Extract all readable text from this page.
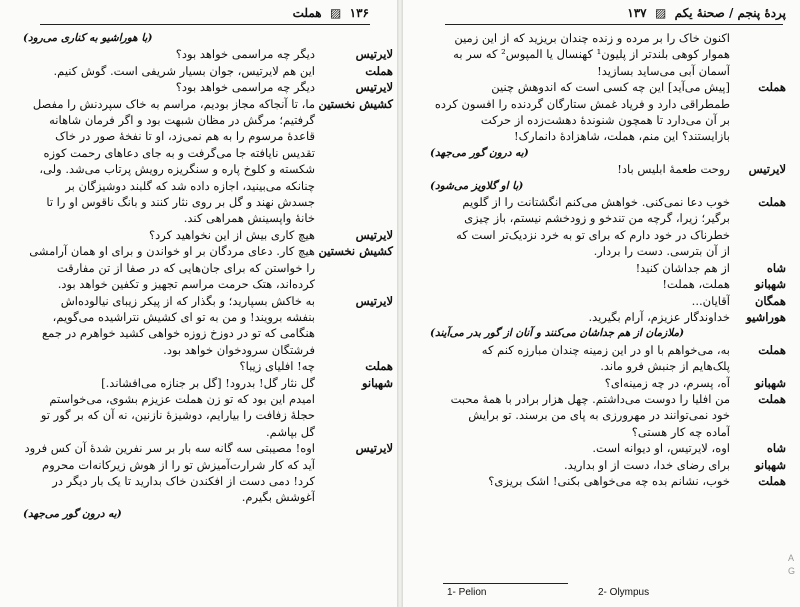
۱۳۶  ▨  هملت
(با هوراشیو به کناری می‌رود)
لایرتیس
دیگر چه مراسمی خواهد بود؟
هملت
این هم لایرتیس، جوان بسیار شریفی است. گوش کنیم.
لایرتیس
دیگر چه مراسمی خواهد بود؟
کشیش نخستین
ما، تا آنجاکه مجاز بودیم، مراسم به خاک سپردنش را مفصل
گرفتیم؛ مرگش در مظان شبهت بود و اگر فرمان شاهانه
قاعدهٔ مرسوم را به هم نمی‌زد، او تا نفخهٔ صور در خاک
تقدیس نایافته جا می‌گرفت و به جای دعاهای رحمت کوزه
شکسته و کلوخ پاره و سنگریزه رویش پرتاب می‌شد. ولی،
چنانکه می‌بینید، اجازه داده شد که گلبند دوشیزگان بر
جسدش نهند و گل بر روی نثار کنند و بانگ ناقوس او را تا
خانهٔ واپسینش همراهی کند.
لایرتیس
هیچ کاری بیش از این نخواهید کرد؟
کشیش نخستین
هیچ کار. دعای مردگان بر او خواندن و برای او همان آرامشی
را خواستن که برای جان‌هایی که در صفا از تن مفارقت
کرده‌اند، هتک حرمت مراسم تجهیز و تکفین خواهد بود.
لایرتیس
به خاکش بسپارید؛ و بگذار که از پیکر زیبای نیالوده‌اش
بنفشه برویند! و من به تو ای کشیش نتراشیده می‌گویم،
هنگامی که تو در دوزخ زوزه خواهی کشید خواهرم در جمع
فرشتگان سرودخوان خواهد بود.
هملت
چه! افلیای زیبا؟
شهبانو
گل نثار گل! بدرود! [گل بر جنازه می‌افشاند.]
امیدم این بود که تو زن هملت عزیزم بشوی، می‌خواستم
حجلهٔ زفافت را بیارایم، دوشیزهٔ نازنین، نه آن که بر گور تو
گل بپاشم.
لایرتیس
اوه! مصیبتی سه گانه سه بار بر سر نفرین شدهٔ آن کس فرود
آید که کار شرارت‌آمیزش تو را از هوش زیرکانه‌ات محروم
کرد! دمی دست از افکندن خاک بدارید تا یک بار دیگر در
آغوشش بگیرم.
(به درون گور می‌جهد)
پردهٔ پنجم / صحنهٔ یکم  ▨  ۱۳۷
اکنون خاک را بر مرده و زنده چندان بریزید که از این زمین
هموار کوهی بلندتر از پلیون¹ کهنسال یا المپوس² که سر به
آسمان آبی می‌ساید بسازید!
هملت
[پیش می‌آید] این چه کسی است که اندوهش چنین
طمطراقی دارد و فریاد غمش ستارگان گردنده را افسون کرده
بر آن می‌دارد تا همچون شنوندهٔ دهشت‌زده از حرکت
بازایستند؟ این منم، هملت، شاهزادهٔ دانمارک!
(به درون گور می‌جهد)
لایرتیس
روحت طعمهٔ ابلیس باد!
(با او گلاویز می‌شود)
هملت
خوب دعا نمی‌کنی. خواهش می‌کنم انگشتانت را از گلویم
برگیر؛ زیرا، گرچه من تندخو و زودخشم نیستم، باز چیزی
خطرناک در خود دارم که برای تو به خرد نزدیک‌تر است که
از آن بترسی. دست را بردار.
شاه
از هم جداشان کنید!
شهبانو
هملت، هملت!
همگان
آقایان...
هوراشیو
خداوندگار عزیزم، آرام بگیرید.
(ملازمان از هم جداشان می‌کنند و آنان از گور بدر می‌آیند)
هملت
به، می‌خواهم با او در این زمینه چندان مبارزه کنم که
پلک‌هایم از جنبش فرو ماند.
شهبانو
آه، پسرم، در چه زمینه‌ای؟
هملت
من افلیا را دوست می‌داشتم. چهل هزار برادر با همهٔ محبت
خود نمی‌توانند در مهرورزی به پای من برسند. تو برایش
آماده چه کار هستی؟
شاه
اوه، لایرتیس، او دیوانه است.
شهبانو
برای رضای خدا، دست از او بدارید.
هملت
خوب، نشانم بده چه می‌خواهی بکنی! اشک بریزی؟
1- Pelion	2- Olympus
A
G
